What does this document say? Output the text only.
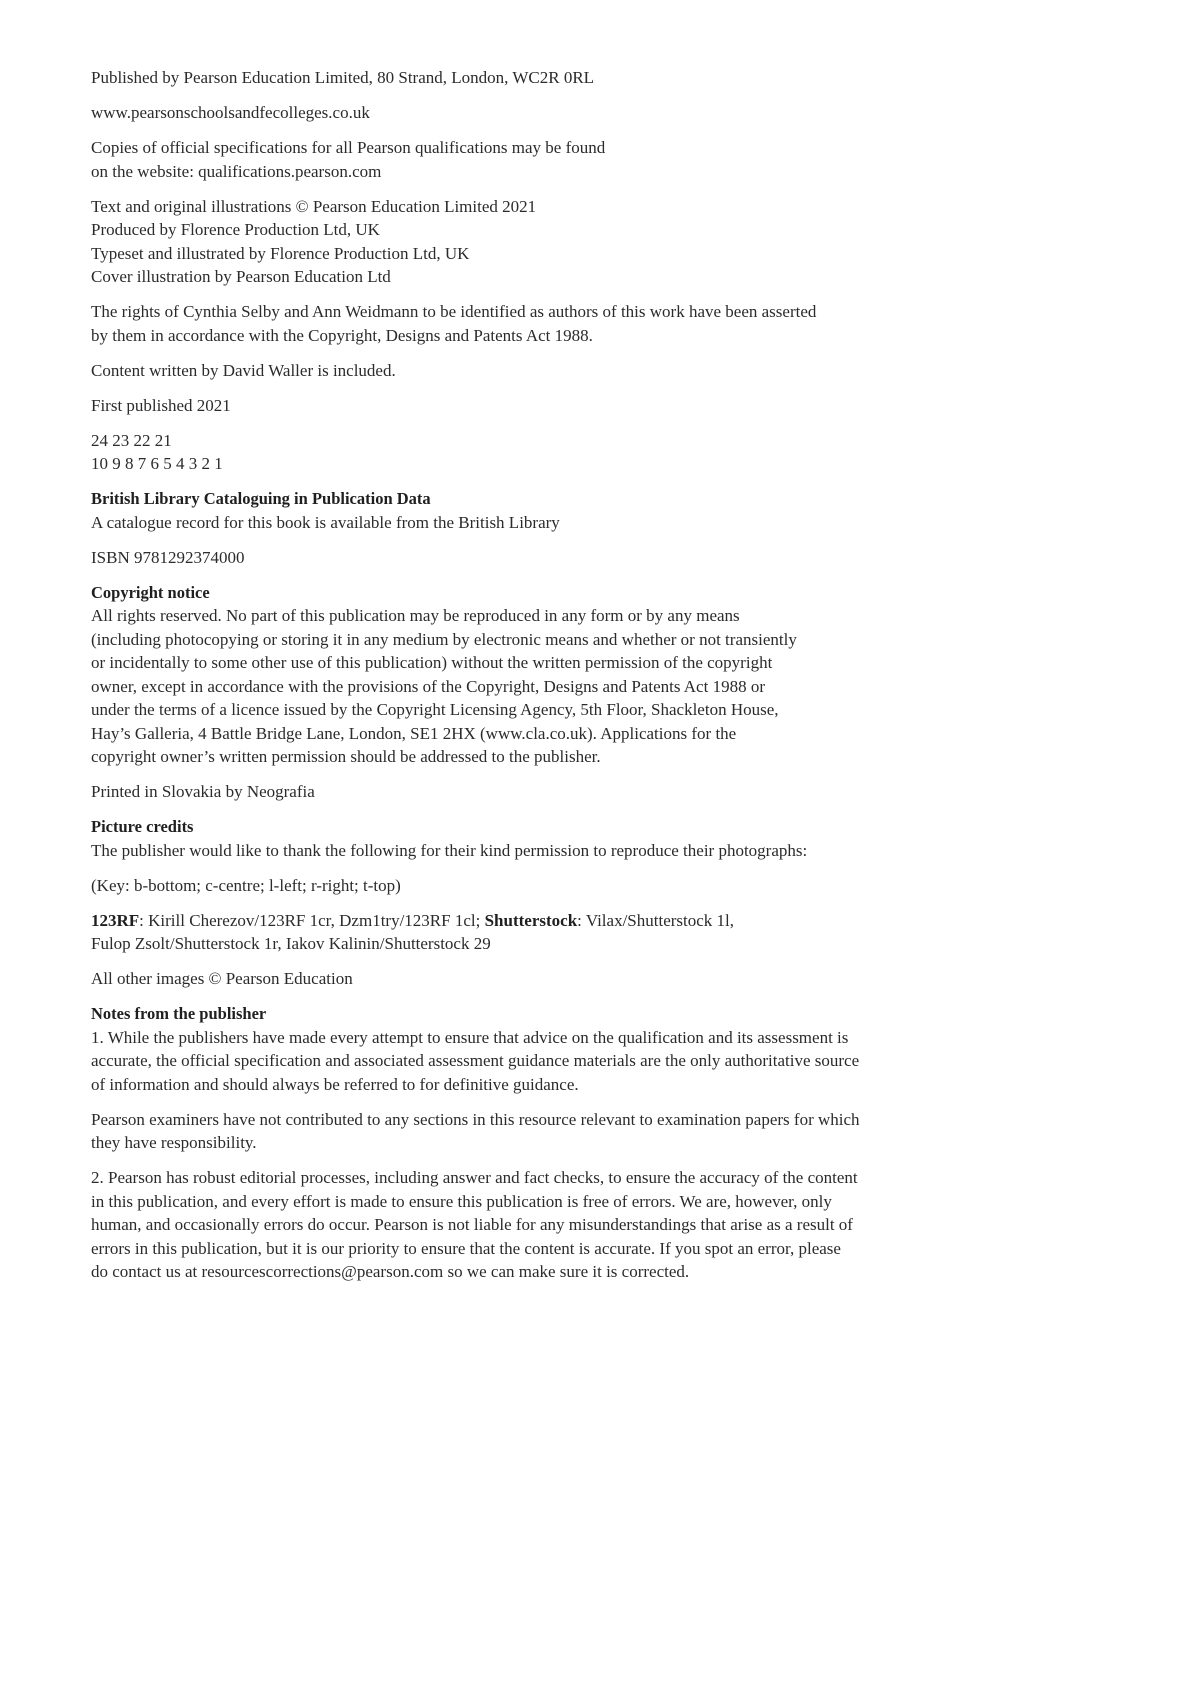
Published by Pearson Education Limited, 80 Strand, London, WC2R 0RL
www.pearsonschoolsandfecolleges.co.uk
Copies of official specifications for all Pearson qualifications may be found
on the website: qualifications.pearson.com
Text and original illustrations © Pearson Education Limited 2021
Produced by Florence Production Ltd, UK
Typeset and illustrated by Florence Production Ltd, UK
Cover illustration by Pearson Education Ltd
The rights of Cynthia Selby and Ann Weidmann to be identified as authors of this work have been asserted
by them in accordance with the Copyright, Designs and Patents Act 1988.
Content written by David Waller is included.
First published 2021
24 23 22 21
10 9 8 7 6 5 4 3 2 1
British Library Cataloguing in Publication Data
A catalogue record for this book is available from the British Library
ISBN 9781292374000
Copyright notice
All rights reserved. No part of this publication may be reproduced in any form or by any means
(including photocopying or storing it in any medium by electronic means and whether or not transiently
or incidentally to some other use of this publication) without the written permission of the copyright
owner, except in accordance with the provisions of the Copyright, Designs and Patents Act 1988 or
under the terms of a licence issued by the Copyright Licensing Agency, 5th Floor, Shackleton House,
Hay’s Galleria, 4 Battle Bridge Lane, London, SE1 2HX (www.cla.co.uk). Applications for the
copyright owner’s written permission should be addressed to the publisher.
Printed in Slovakia by Neografia
Picture credits
The publisher would like to thank the following for their kind permission to reproduce their photographs:
(Key: b-bottom; c-centre; l-left; r-right; t-top)
123RF: Kirill Cherezov/123RF 1cr, Dzm1try/123RF 1cl; Shutterstock: Vilax/Shutterstock 1l,
Fulop Zsolt/Shutterstock 1r, Iakov Kalinin/Shutterstock 29
All other images © Pearson Education
Notes from the publisher
1. While the publishers have made every attempt to ensure that advice on the qualification and its assessment is
accurate, the official specification and associated assessment guidance materials are the only authoritative source
of information and should always be referred to for definitive guidance.
Pearson examiners have not contributed to any sections in this resource relevant to examination papers for which
they have responsibility.
2. Pearson has robust editorial processes, including answer and fact checks, to ensure the accuracy of the content
in this publication, and every effort is made to ensure this publication is free of errors. We are, however, only
human, and occasionally errors do occur. Pearson is not liable for any misunderstandings that arise as a result of
errors in this publication, but it is our priority to ensure that the content is accurate. If you spot an error, please
do contact us at resourcescorrections@pearson.com so we can make sure it is corrected.
